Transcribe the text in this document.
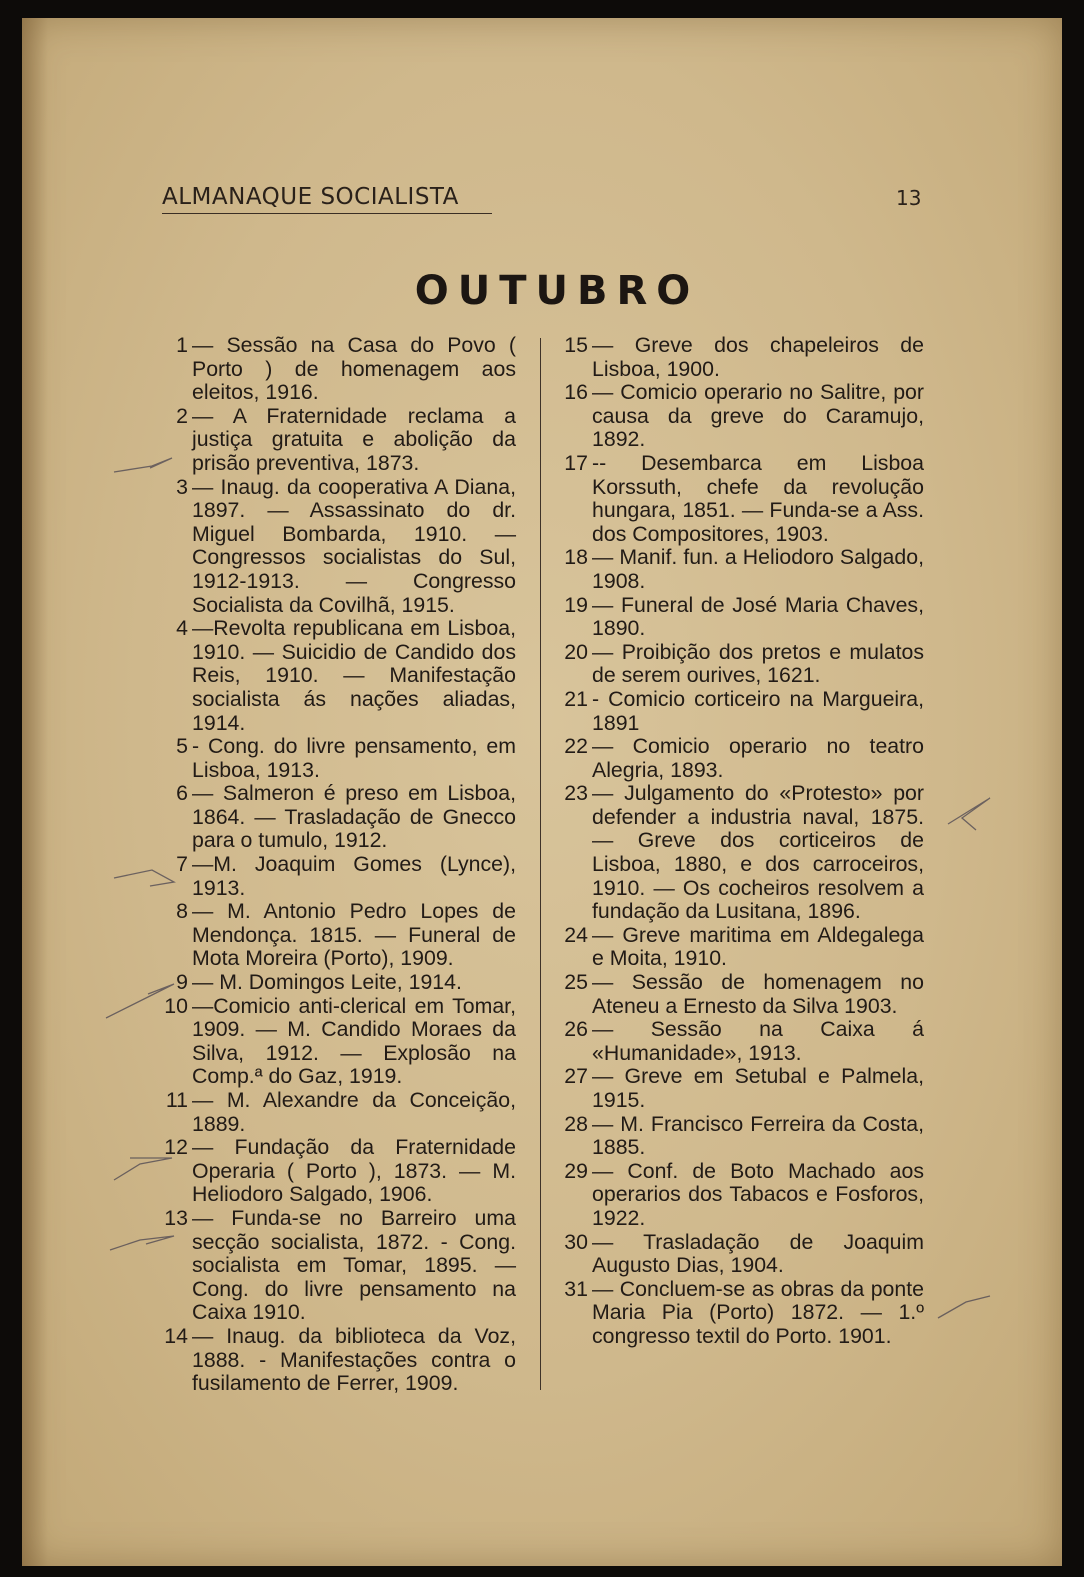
ALMANAQUE SOCIALISTA	13
OUTUBRO
1 — Sessão na Casa do Povo ( Porto ) de homenagem aos eleitos, 1916.
2 — A Fraternidade reclama a justiça gratuita e abolição da prisão preventiva, 1873.
3 — Inaug. da cooperativa A Diana, 1897. — Assassinato do dr. Miguel Bombarda, 1910. — Congressos socialistas do Sul, 1912-1913. — Congresso Socialista da Covilhã, 1915.
4 —Revolta republicana em Lisboa, 1910. — Suicidio de Candido dos Reis, 1910. — Manifestação socialista ás nações aliadas, 1914.
5 - Cong. do livre pensamento, em Lisboa, 1913.
6 — Salmeron é preso em Lisboa, 1864. — Trasladação de Gnecco para o tumulo, 1912.
7 —M. Joaquim Gomes (Lynce), 1913.
8 — M. Antonio Pedro Lopes de Mendonça. 1815. — Funeral de Mota Moreira (Porto), 1909.
9 — M. Domingos Leite, 1914.
10 —Comicio anti-clerical em Tomar, 1909. — M. Candido Moraes da Silva, 1912. — Explosão na Comp.ª do Gaz, 1919.
11 — M. Alexandre da Conceição, 1889.
12 — Fundação da Fraternidade Operaria ( Porto ), 1873. — M. Heliodoro Salgado, 1906.
13 — Funda-se no Barreiro uma secção socialista, 1872. - Cong. socialista em Tomar, 1895. — Cong. do livre pensamento na Caixa 1910.
14 — Inaug. da biblioteca da Voz, 1888. - Manifestações contra o fusilamento de Ferrer, 1909.
15 — Greve dos chapeleiros de Lisboa, 1900.
16 — Comicio operario no Salitre, por causa da greve do Caramujo, 1892.
17 -- Desembarca em Lisboa Korssuth, chefe da revolução hungara, 1851. — Funda-se a Ass. dos Compositores, 1903.
18 — Manif. fun. a Heliodoro Salgado, 1908.
19 — Funeral de José Maria Chaves, 1890.
20 — Proibição dos pretos e mulatos de serem ourives, 1621.
21 - Comicio corticeiro na Margueira, 1891
22 — Comicio operario no teatro Alegria, 1893.
23 — Julgamento do «Protesto» por defender a industria naval, 1875. — Greve dos corticeiros de Lisboa, 1880, e dos carroceiros, 1910. — Os cocheiros resolvem a fundação da Lusitana, 1896.
24 — Greve maritima em Aldegalega e Moita, 1910.
25 — Sessão de homenagem no Ateneu a Ernesto da Silva 1903.
26 — Sessão na Caixa á «Humanidade», 1913.
27 — Greve em Setubal e Palmela, 1915.
28 — M. Francisco Ferreira da Costa, 1885.
29 — Conf. de Boto Machado aos operarios dos Tabacos e Fosforos, 1922.
30 — Trasladação de Joaquim Augusto Dias, 1904.
31 — Concluem-se as obras da ponte Maria Pia (Porto) 1872. — 1.º congresso textil do Porto. 1901.
